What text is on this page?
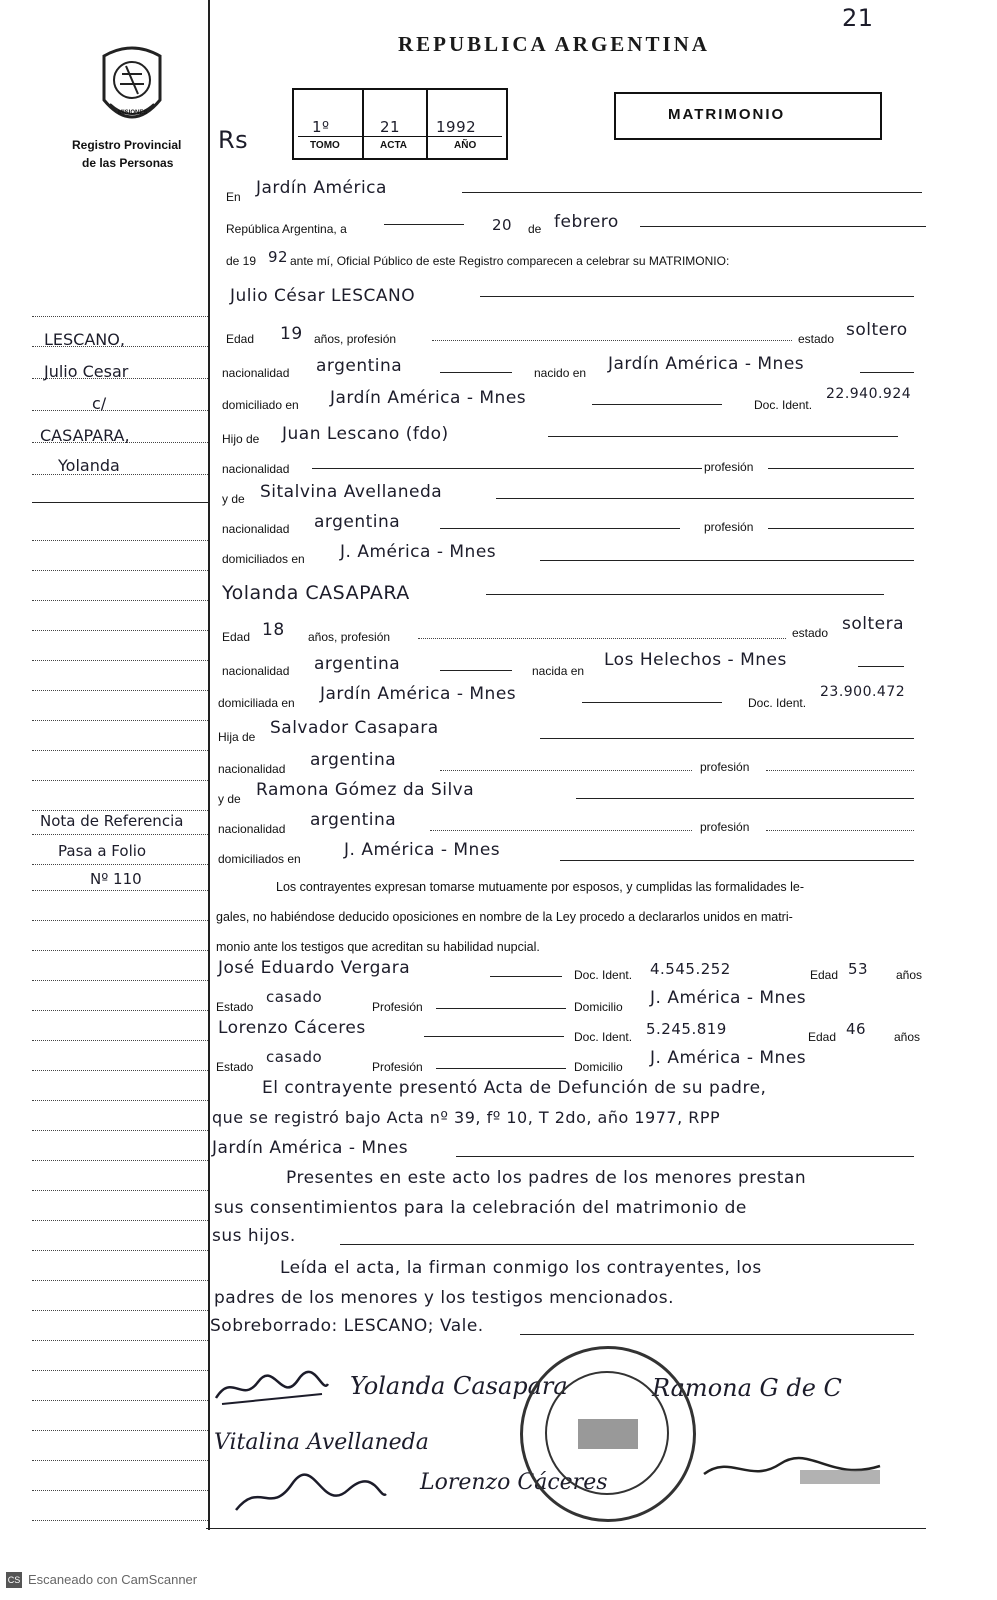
21
REPUBLICA ARGENTINA
MISIONES
Registro Provincial
de las Personas
Rs	1º	21 1992
TOMO	ACTA	AÑO
MATRIMONIO
LESCANO,
Julio Cesar
c/
CASAPARA,
Yolanda
Nota de Referencia
Pasa a Folio
Nº 110
En Jardín América
República Argentina, a	20 de febrero
de 19 92 ante mí, Oficial Público de este Registro comparecen a celebrar su MATRIMONIO:
Julio César LESCANO
Edad 19 años, profesión	estado soltero
nacionalidad argentina	nacido en Jardín América - Mnes
domiciliado en Jardín América - Mnes	Doc. Ident.
22.940.924
Hijo de Juan Lescano (fdo)
nacionalidad	profesión
y de Sitalvina Avellaneda
nacionalidad argentina	profesión
domiciliados en J. América - Mnes
Yolanda CASAPARA
Edad 18 años, profesión	estado soltera
nacionalidad argentina	nacida en
Los Helechos - Mnes
domiciliada en Jardín América - Mnes	Doc. Ident.
23.900.472
Hija de Salvador Casapara
nacionalidad argentina	profesión
y de Ramona Gómez da Silva
nacionalidad argentina	profesión
domiciliados en	J. América - Mnes
Los contrayentes expresan tomarse mutuamente por esposos, y cumplidas las formalidades le-
gales, no habiéndose deducido oposiciones en nombre de la Ley procedo a declararlos unidos en matri-
monio ante los testigos que acreditan su habilidad nupcial.
José Eduardo Vergara	Doc. Ident. 4.545.252	Edad 53 años
Estado
casado
Profesión	Domicilio J. América - Mnes
Lorenzo Cáceres	Doc. Ident. 5.245.819	Edad 46 años
Estado
casado
Profesión	Domicilio J. América - Mnes
El contrayente presentó Acta de Defunción de su padre,
que se registró bajo Acta nº 39, fº 10, T 2do, año 1977, RPP
Jardín América - Mnes
Presentes en este acto los padres de los menores prestan
sus consentimientos para la celebración del matrimonio de
sus hijos.
Leída el acta, la firman conmigo los contrayentes, los
padres de los menores y los testigos mencionados.
Sobreborrado: LESCANO; Vale.
Yolanda Casapara	Ramona G de C
Vitalina Avellaneda
Lorenzo Cáceres
CS Escaneado con CamScanner
